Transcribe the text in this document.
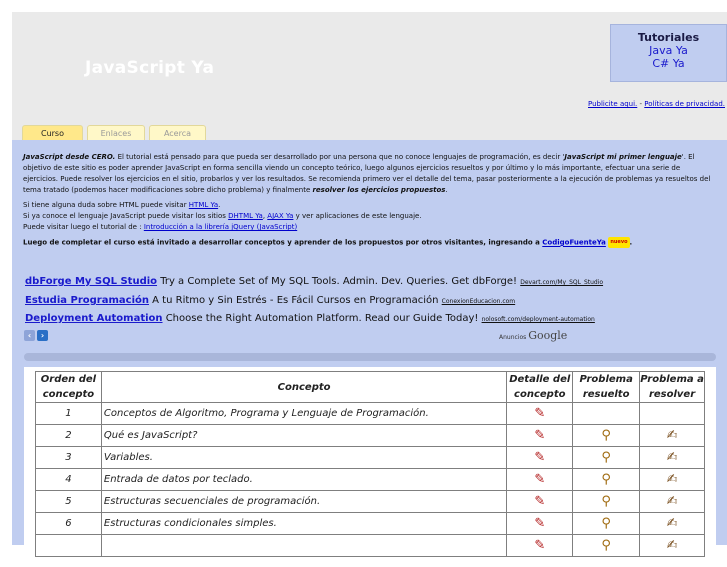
JavaScript Ya
Tutoriales
Java Ya
C# Ya
Publicite aqui. - Políticas de privacidad.
Curso	Enlaces	Acerca
JavaScript desde CERO. El tutorial está pensado para que pueda ser desarrollado por una persona que no conoce lenguajes de programación, es decir 'JavaScript mi primer lenguaje'. El objetivo de este sitio es poder aprender JavaScript en forma sencilla viendo un concepto teórico, luego algunos ejercicios resueltos y por último y lo más importante, efectuar una serie de ejercicios. Puede resolver los ejercicios en el sitio, probarlos y ver los resultados. Se recomienda primero ver el detalle del tema, pasar posteriormente a la ejecución de problemas ya resueltos del tema tratado (podemos hacer modificaciones sobre dicho problema) y finalmente resolver los ejercicios propuestos.
Si tiene alguna duda sobre HTML puede visitar HTML Ya.
Si ya conoce el lenguaje JavaScript puede visitar los sitios DHTML Ya, AJAX Ya y ver aplicaciones de este lenguaje.
Puede visitar luego el tutorial de : Introducción a la librería jQuery (JavaScript)
Luego de completar el curso está invitado a desarrollar conceptos y aprender de los propuestos por otros visitantes, ingresando a CodigoFuenteYa nuevo .
dbForge My SQL Studio Try a Complete Set of My SQL Tools. Admin. Dev. Queries. Get dbForge! Devart.com/My_SQL_Studio
Estudia Programación A tu Ritmo y Sin Estrés - Es Fácil Cursos en Programación ConexionEducacion.com
Deployment Automation Choose the Right Automation Platform. Read our Guide Today! nolosoft.com/deployment-automation
‹	›	Anuncios Google
Orden del concepto	Concepto	Detalle del concepto	Problema resuelto	Problema a resolver
1	Conceptos de Algoritmo, Programa y Lenguaje de Programación.	✎		
2	Qué es JavaScript?	✎	⚲	✍
3	Variables.	✎	⚲	✍
4	Entrada de datos por teclado.	✎	⚲	✍
5	Estructuras secuenciales de programación.	✎	⚲	✍
6	Estructuras condicionales simples.	✎	⚲	✍
		✎	⚲	✍
